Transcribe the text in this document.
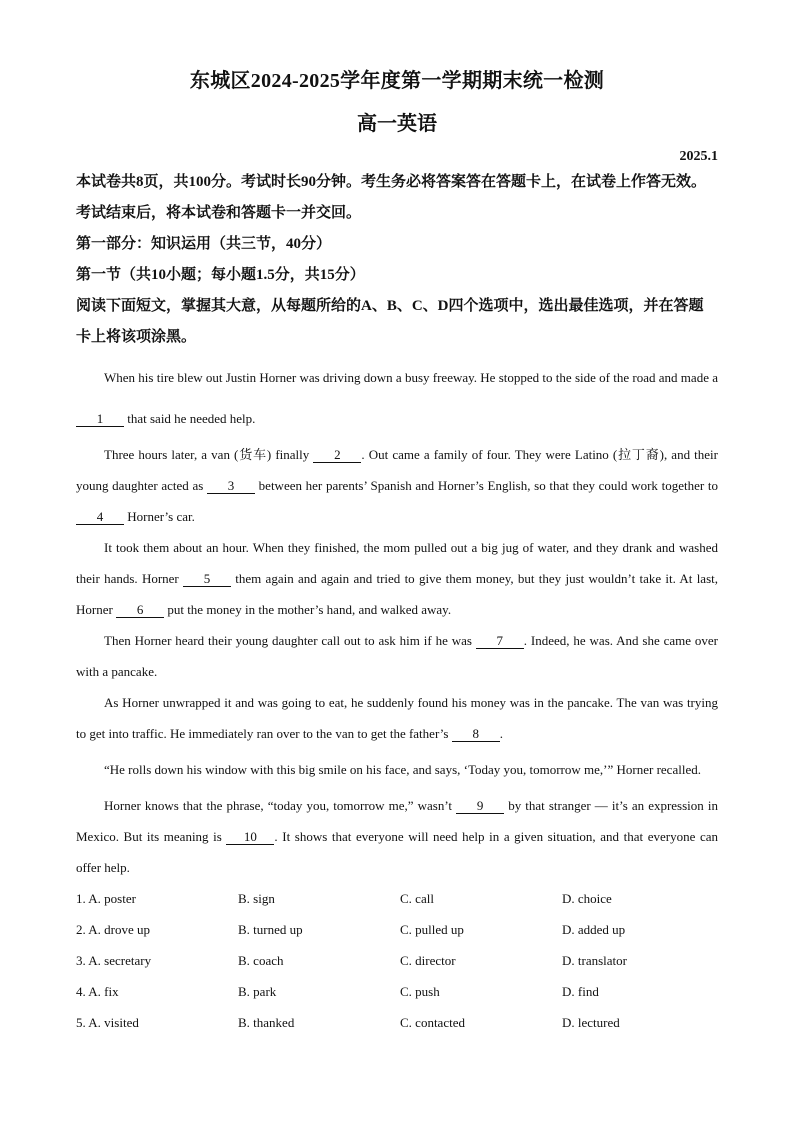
东城区2024-2025学年度第一学期期末统一检测
高一英语
2025.1

本试卷共8页，共100分。考试时长90分钟。考生务必将答案答在答题卡上，在试卷上作答无效。考试结束后，将本试卷和答题卡一并交回。

第一部分：知识运用（共三节，40分）

第一节（共10小题；每小题1.5分，共15分）

阅读下面短文，掌握其大意，从每题所给的A、B、C、D四个选项中，选出最佳选项，并在答题卡上将该项涂黑。

When his tire blew out Justin Horner was driving down a busy freeway. He stopped to the side of the road and made a 1 that said he needed help.

Three hours later, a van (货车) finally 2 . Out came a family of four. They were Latino (拉丁裔), and their young daughter acted as 3 between her parents’ Spanish and Horner’s English, so that they could work together to 4 Horner’s car.

It took them about an hour. When they finished, the mom pulled out a big jug of water, and they drank and washed their hands. Horner 5 them again and again and tried to give them money, but they just wouldn’t take it. At last, Horner 6 put the money in the mother’s hand, and walked away.

Then Horner heard their young daughter call out to ask him if he was 7 . Indeed, he was. And she came over with a pancake.

As Horner unwrapped it and was going to eat, he suddenly found his money was in the pancake. The van was trying to get into traffic. He immediately ran over to the van to get the father’s 8 .

“He rolls down his window with this big smile on his face, and says, ‘Today you, tomorrow me,’” Horner recalled.

Horner knows that the phrase, “today you, tomorrow me,” wasn’t 9 by that stranger — it’s an expression in Mexico. But its meaning is 10 . It shows that everyone will need help in a given situation, and that everyone can offer help.

1. A. poster	B. sign	C. call	D. choice
2. A. drove up	B. turned up	C. pulled up	D. added up
3. A. secretary	B. coach	C. director	D. translator
4. A. fix	B. park	C. push	D. find
5. A. visited	B. thanked	C. contacted	D. lectured
